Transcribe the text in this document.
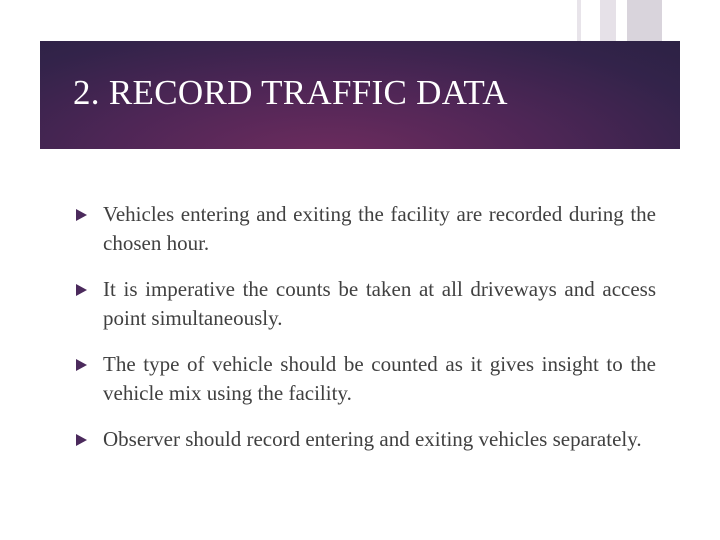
2. RECORD TRAFFIC DATA
Vehicles entering and exiting the facility are recorded during the chosen hour.
It is imperative the counts be taken at all driveways and access point simultaneously.
The type of vehicle should be counted as it gives insight to the vehicle mix using the facility.
Observer should record entering and exiting vehicles separately.
